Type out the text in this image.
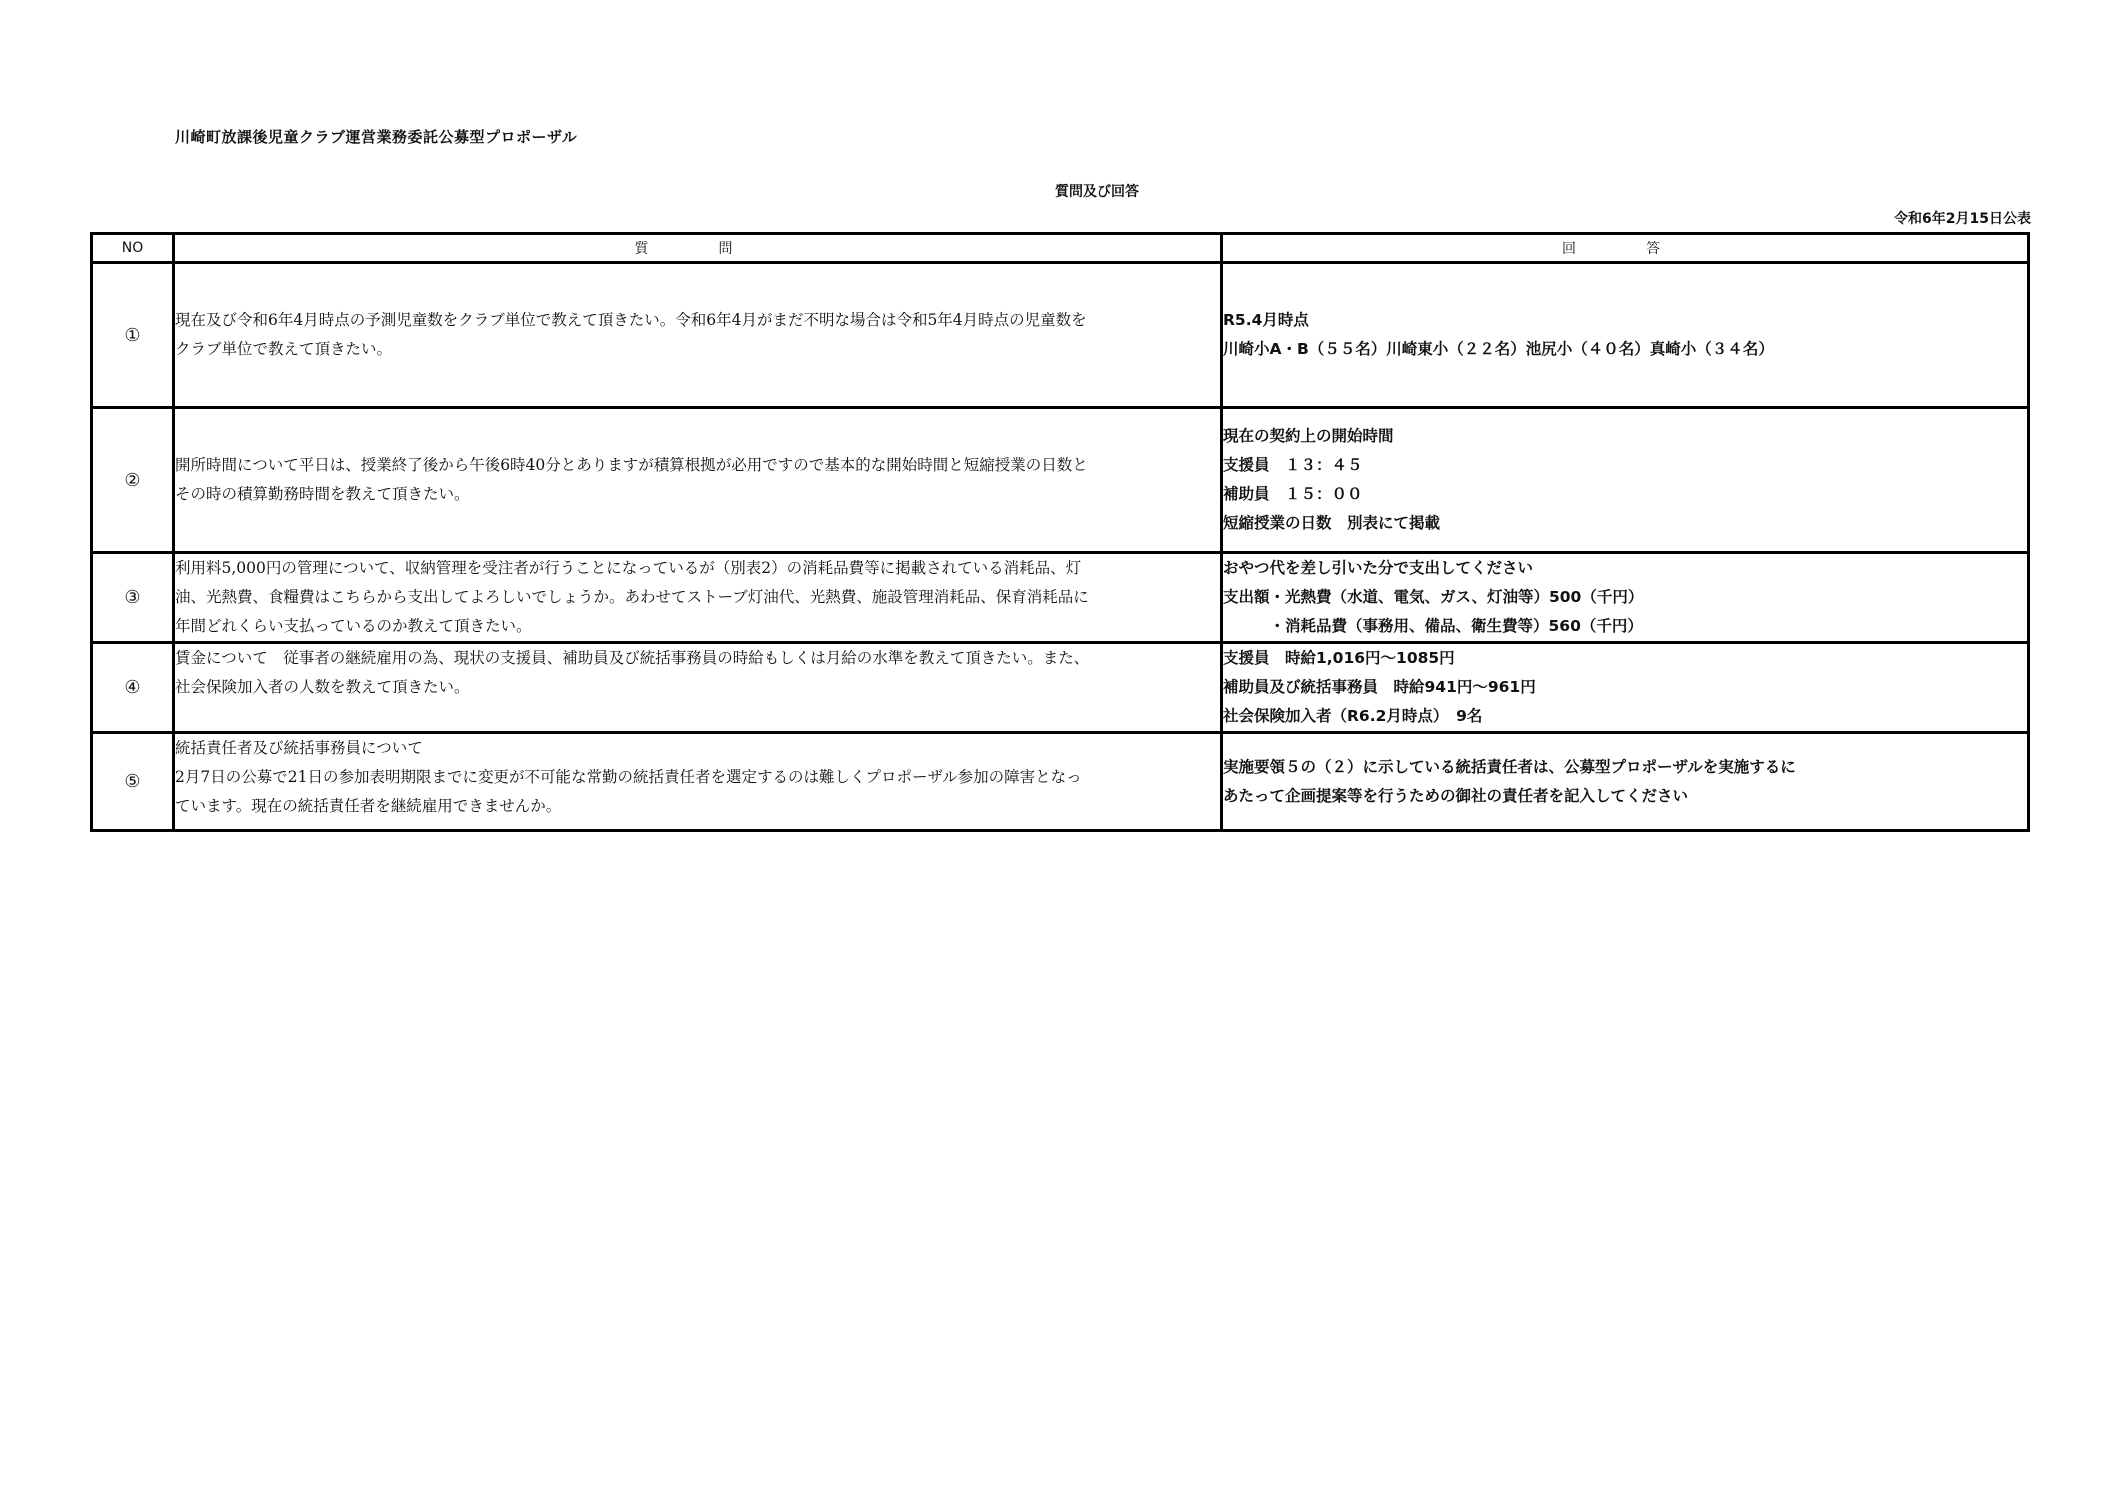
川崎町放課後児童クラブ運営業務委託公募型プロポーザル
質問及び回答
令和6年2月15日公表
NO	質　問	回　答
①	現在及び令和6年4月時点の予測児童数をクラブ単位で教えて頂きたい。令和6年4月がまだ不明な場合は令和5年4月時点の児童数を
クラブ単位で教えて頂きたい。	R5.4月時点
川崎小A・B（５５名）川崎東小（２２名）池尻小（４０名）真崎小（３４名）

②	開所時間について平日は、授業終了後から午後6時40分とありますが積算根拠が必用ですので基本的な開始時間と短縮授業の日数と
その時の積算勤務時間を教えて頂きたい。	現在の契約上の開始時間
支援員　１３：４５
補助員　１５：００
短縮授業の日数　別表にて掲載

③	利用料5,000円の管理について、収納管理を受注者が行うことになっているが（別表2）の消耗品費等に掲載されている消耗品、灯
油、光熱費、食糧費はこちらから支出してよろしいでしょうか。あわせてストーブ灯油代、光熱費、施設管理消耗品、保育消耗品に
年間どれくらい支払っているのか教えて頂きたい。	おやつ代を差し引いた分で支出してください
支出額・光熱費（水道、電気、ガス、灯油等）500（千円）
　　　・消耗品費（事務用、備品、衛生費等）560（千円）

④	賃金について　従事者の継続雇用の為、現状の支援員、補助員及び統括事務員の時給もしくは月給の水準を教えて頂きたい。また、
社会保険加入者の人数を教えて頂きたい。	支援員　時給1,016円～1085円
補助員及び統括事務員　時給941円～961円
社会保険加入者（R6.2月時点）　9名

⑤	統括責任者及び統括事務員について
2月7日の公募で21日の参加表明期限までに変更が不可能な常勤の統括責任者を選定するのは難しくプロポーザル参加の障害となっ
ています。現在の統括責任者を継続雇用できませんか。	実施要領５の（２）に示している統括責任者は、公募型プロポーザルを実施するに
あたって企画提案等を行うための御社の責任者を記入してください
